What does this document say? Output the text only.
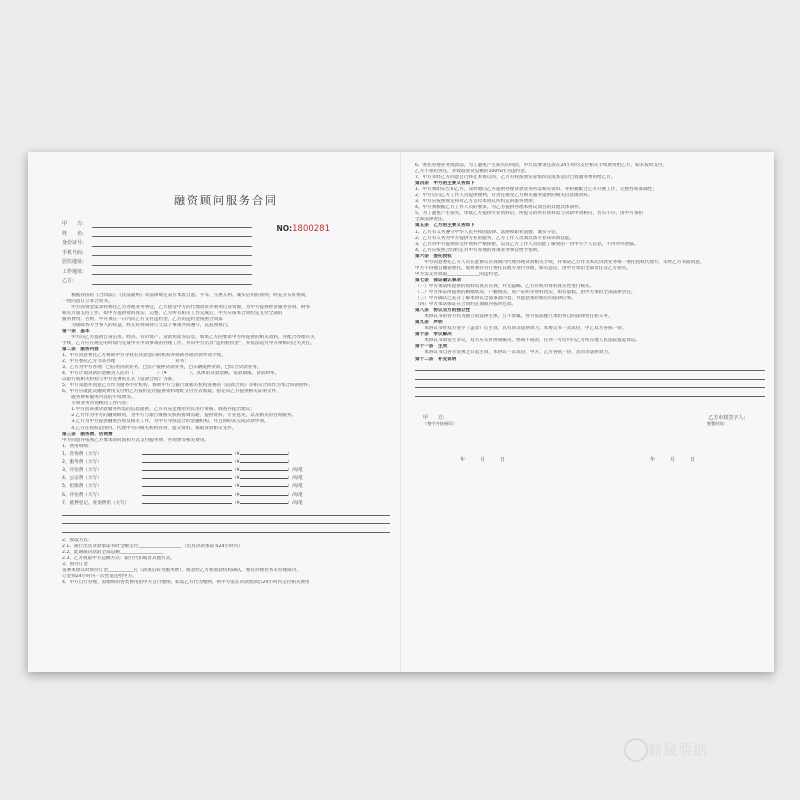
融资顾问服务合同
NO:1800281
甲　　方:
姓　　名:
身份证号:
手机号码:
居住地址:
工作地址:
乙方:
　　根据我国的《合同法》、《民法通则》等法律规定双方本着自愿、平等、互惠互利、诚实信用的原则，经充分友好协商，
一致同意订立本合同书。
　　甲方因资金需求特委托乙方办理业务事宜，乙方接受甲方的代理请求并利用自身资源，为甲方提供经济服务咨询、财务
相关方面支持工作，如甲方提供资料真实、完整，乙方所有相关工作完成后，甲方应按本合同约定支付全部的
服务费用；否则，甲方须在一日内向乙方支付违约金，乙方的违约金按照合同第
　　为保障各方当事人的权益，经友好协商特订立以下事项共同遵守，以兹照执行。
第一条　基本
　　甲方向乙方提供自身信用、经济、有价资产、贷款用途等信息，如果乙方的要求甲方所提供的相关资料，并配合办理有关
手续，乙方应在规定的时间内完成甲方申请事项的办理工作，并向甲方出具“违约赔偿金”，并依法追究甲方律师的过失责任。
第二条　服务内容
1、甲方同意委托乙方协助甲方寻找有贷款意向的机构并协助办理贷款申请手续。
2、甲方委托乙方为其办理　　　　　　　　　　　　　业务：
3、乙方为甲方办理：□信用贷款业务，□房产抵押贷款业务，□车辆抵押贷款，□综合贷款业务。
4、甲方计划贷款的金额为人民币（　　　　　）（¥　　　　　）。具体的贷款金额、借款期限、贷款利率，
以银行或相关机构与甲方签署的正式《借款合同》为准。
5、甲方知悉并同意乙方作为服务中介机构，协助甲方与银行或相关机构签署的《借款合同》等相关合同作为本合同的附件。
6、甲方应就此次融资费用支付给乙方按约定的提供资料地址交付方式收取，指定向乙方提供相关证明文件、
　　服务费和服务内容的手续费等。
　　专项业务咨询顾问工作内容：
　　1.甲方因该项贷款服务所需的信息提供，乙方有充足理由对其进行审核、调查并提出建议；
　　2.乙方作为甲方的融资顾问，为甲方与银行或相关机构协调沟通，提供资料、专业意见，以及相关的咨询服务。
　　3.乙方为甲方提供融资咨询及相关工作，为甲方寻找适合的金融机构，并且协助其完成贷款申请。
　　4.乙方在授权范围内，代理甲方向相关机构咨询、提交资料、领取贷款相关文件。
第三条　服务费、咨询费
甲方同意并按照乙方要求的时间和方式支付服务费、咨询费等相关费用。
1、费用明细：
1、咨询费（大写）	（¥	）
2、服务费（大写）	（¥	）
3、评估费（大写）	（¥	）/每笔
4、公证费（大写）	（¥	）/每笔
5、担保费（大写）	（¥	）/每笔
6、评估费（大写）	（¥	）/每笔
7、抵押登记、查询费用（大写）	（¥	）/每笔
2、收取方式：
2.1、银行出具贷款承诺书时全额支付___________________（出具贷款承诺书24小时内）
2.2、此期限贷款前全部总额___________________
2.3、乙方收取甲方总额方式：银行代扣或者其他方式。
3、预付订金
签署本协议时预付订金___________元（款项后转为服务费），或者经乙方和放款机构确认，委托办理业务未办理成功，
订金须24小时内一次性退还给甲方。
4、甲方自行办理、需缴纳的各类费用由甲方自行缴纳，如需乙方代为缴纳，则甲方需在贷款放款后24小时内支付相关费用
6、委托办理业务放款前，为了避免产生损失的风险，甲方需要求还款在24小时内支付相关手续费用给乙方，如未按时支付，
乙方不承担责任，并收取放贷总额的100%作为违约金。
7、甲方未经乙方同意自行终止本协议的，乙方有权按照实际情况及成本追讨已收服务费用给乙方。
第四条　甲方的主要义务如下
1、甲方须如实告知乙方，及时地向乙方提供办理贷款业务所需相关资料，并积极配合乙方开展工作，完整性和准确性；
2、甲方应向乙方工作人员提供便利，有责任接受乙方相关服务提供的相关信息或资料。
3、甲方应按照规定和对乙方支付本协议所约定的服务费用；
4、甲方须根据乙方工作人员的要求，为乙方提供办理本协议项目的其他具体条件。
5、为了避免产生损失，审批乙方提供专业资料后，所提交的所有资料需与贷款申请相符，若有不符，由甲方承担
全部法律责任。
第五条　乙方的主要义务如下
1、乙方有义务遵守中华人民共和国法律、法规和职业道德，诚实守信，
2、乙方有义务为甲方提供专业的服务，乙方工作人员须具备专业知识和技能。
3、乙方对甲方提供的文件资料严格保密，以及乙方工作人员因此了解到的一切甲方个人信息，不得对外泄露。
4、乙方应按照合同约定对甲方办理的各项业务事宜给予帮助。
第六条　委托授权
　　甲方同意委托乙方人员在此协议有效期内代理办理贷款相关手续，并承诺乙方作为本次贷款业务唯一委托授权代理方，未经乙方书面同意，
甲方不得擅自撤销委托，或将委托另行委托其他方进行办理，如有违反，由甲方承担全部责任及乙方损失。
甲方需支付收取______________的违约金。
第七条　保证确认事项
（一）甲方承诺所提供的资料均真实有效，并无隐瞒，乙方有权对资料真实性进行核实。
（二）甲方保证所提供的婚姻状况、户籍情况、资产证明等资料真实，如有虚假，由甲方承担全部法律责任。
（三）甲方确认已充分了解本协议全部条款内容，并愿意承担相应的法律后果。
（四）甲方承诺保证在合同约定期限内按时还款。
第八条　协议双方的独立性
　　本协议书的各方均为独立的法律主体，互不隶属，各方依法独立承担各自的法律责任和义务。
第九条　声明
　　本协议书经双方签字（盖章）后生效，具有同等法律效力。本协议书一式贰份，甲乙双方各执一份。
第十条　争议解决
　　本协议书如发生争议，双方应友好协商解决，协商不成的，任何一方均可向乙方所在地人民法院提起诉讼。
第十一条　生效
　　本协议书自各方签署之日起生效，本协议一式贰份，甲方、乙方各执一份，具同等法律效力。
第十二条　补充说明
甲　　方:	乙方市权签字人:
（签字并按指印）	签署时间:
年　　　月　　　日	年　　　月　　　日
鼎晟票据
